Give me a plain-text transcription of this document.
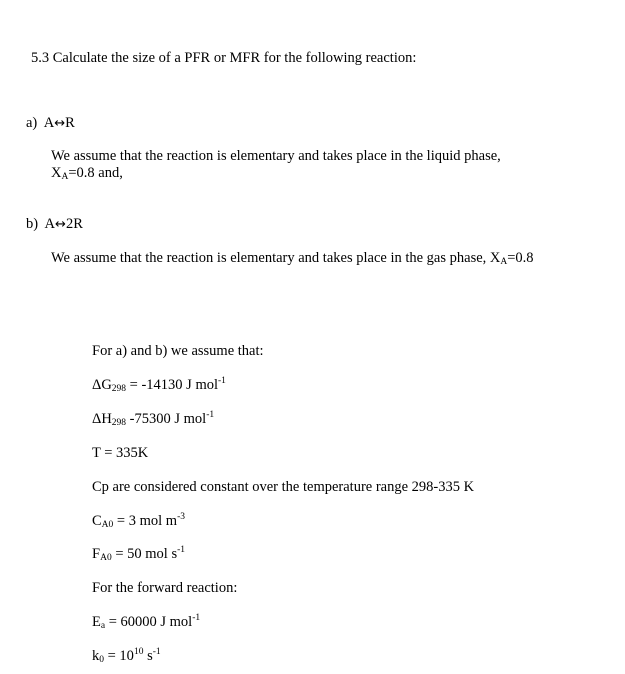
5.3 Calculate the size of a PFR or MFR for the following reaction:
a) A↔R
We assume that the reaction is elementary and takes place in the liquid phase,
$X_A=0.8$ and,
b) A↔2R
We assume that the reaction is elementary and takes place in the gas phase, $X_A=0.8$
For a) and b) we assume that:
$\Delta G_{298} = -14130$ J mol$^{-1}$
$\Delta H_{298}$ -75300 J mol$^{-1}$
T = 335K
Cp are considered constant over the temperature range 298-335 K
$C_{A0} = 3$ mol $m^{-3}$
$F_{A0} = 50$ mol $s^{-1}$
For the forward reaction:
$E_a = 60000$ J mol$^{-1}$
$k_0 = 10^{10}$ $s^{-1}$
